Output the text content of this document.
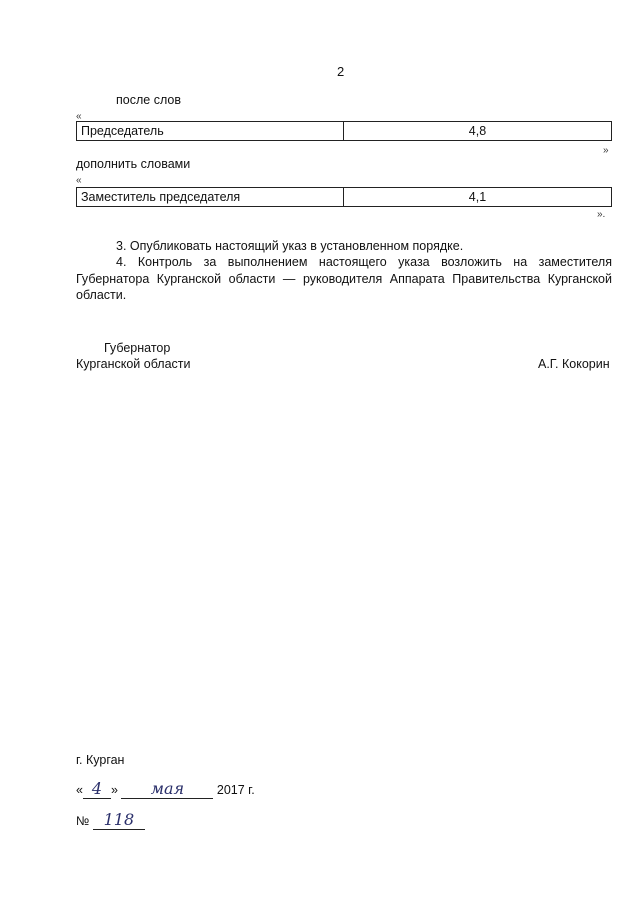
2
после слов
«
Председатель	4,8
»
дополнить словами
«
Заместитель председателя	4,1
».
3. Опубликовать настоящий указ в установленном порядке.
4. Контроль за выполнением настоящего указа возложить на заместителя Губернатора Курганской области — руководителя Аппарата Правительства Курганской области.
Губернатор
Курганской области	А.Г. Кокорин
г. Курган
« 4 » мая	2017 г.
№ 118
